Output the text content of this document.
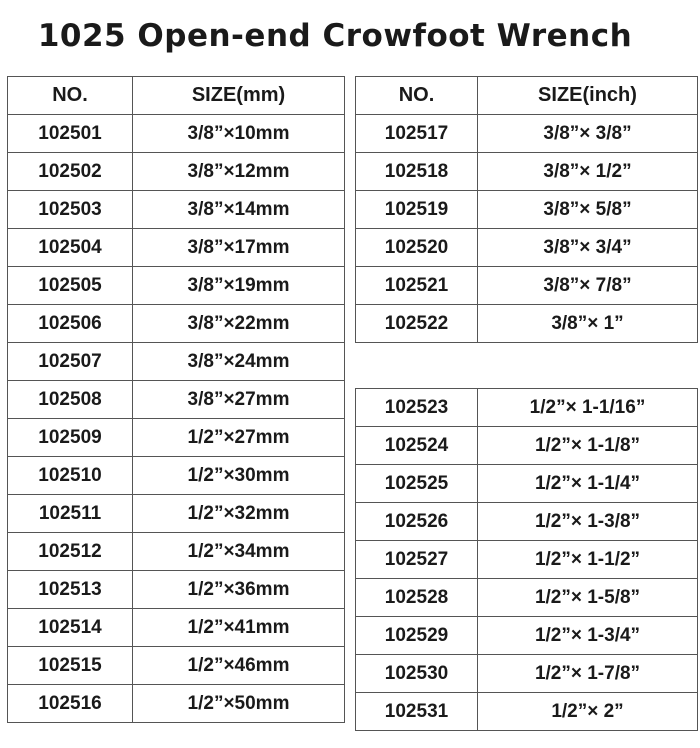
1025 Open-end Crowfoot Wrench
NO.	SIZE(mm)
102501	3/8”×10mm
102502	3/8”×12mm
102503	3/8”×14mm
102504	3/8”×17mm
102505	3/8”×19mm
102506	3/8”×22mm
102507	3/8”×24mm
102508	3/8”×27mm
102509	1/2”×27mm
102510	1/2”×30mm
102511	1/2”×32mm
102512	1/2”×34mm
102513	1/2”×36mm
102514	1/2”×41mm
102515	1/2”×46mm
102516	1/2”×50mm
NO.	SIZE(inch)
102517	3/8”× 3/8”
102518	3/8”× 1/2”
102519	3/8”× 5/8”
102520	3/8”× 3/4”
102521	3/8”× 7/8”
102522	3/8”× 1”
102523	1/2”× 1-1/16”
102524	1/2”× 1-1/8”
102525	1/2”× 1-1/4”
102526	1/2”× 1-3/8”
102527	1/2”× 1-1/2”
102528	1/2”× 1-5/8”
102529	1/2”× 1-3/4”
102530	1/2”× 1-7/8”
102531	1/2”× 2”
